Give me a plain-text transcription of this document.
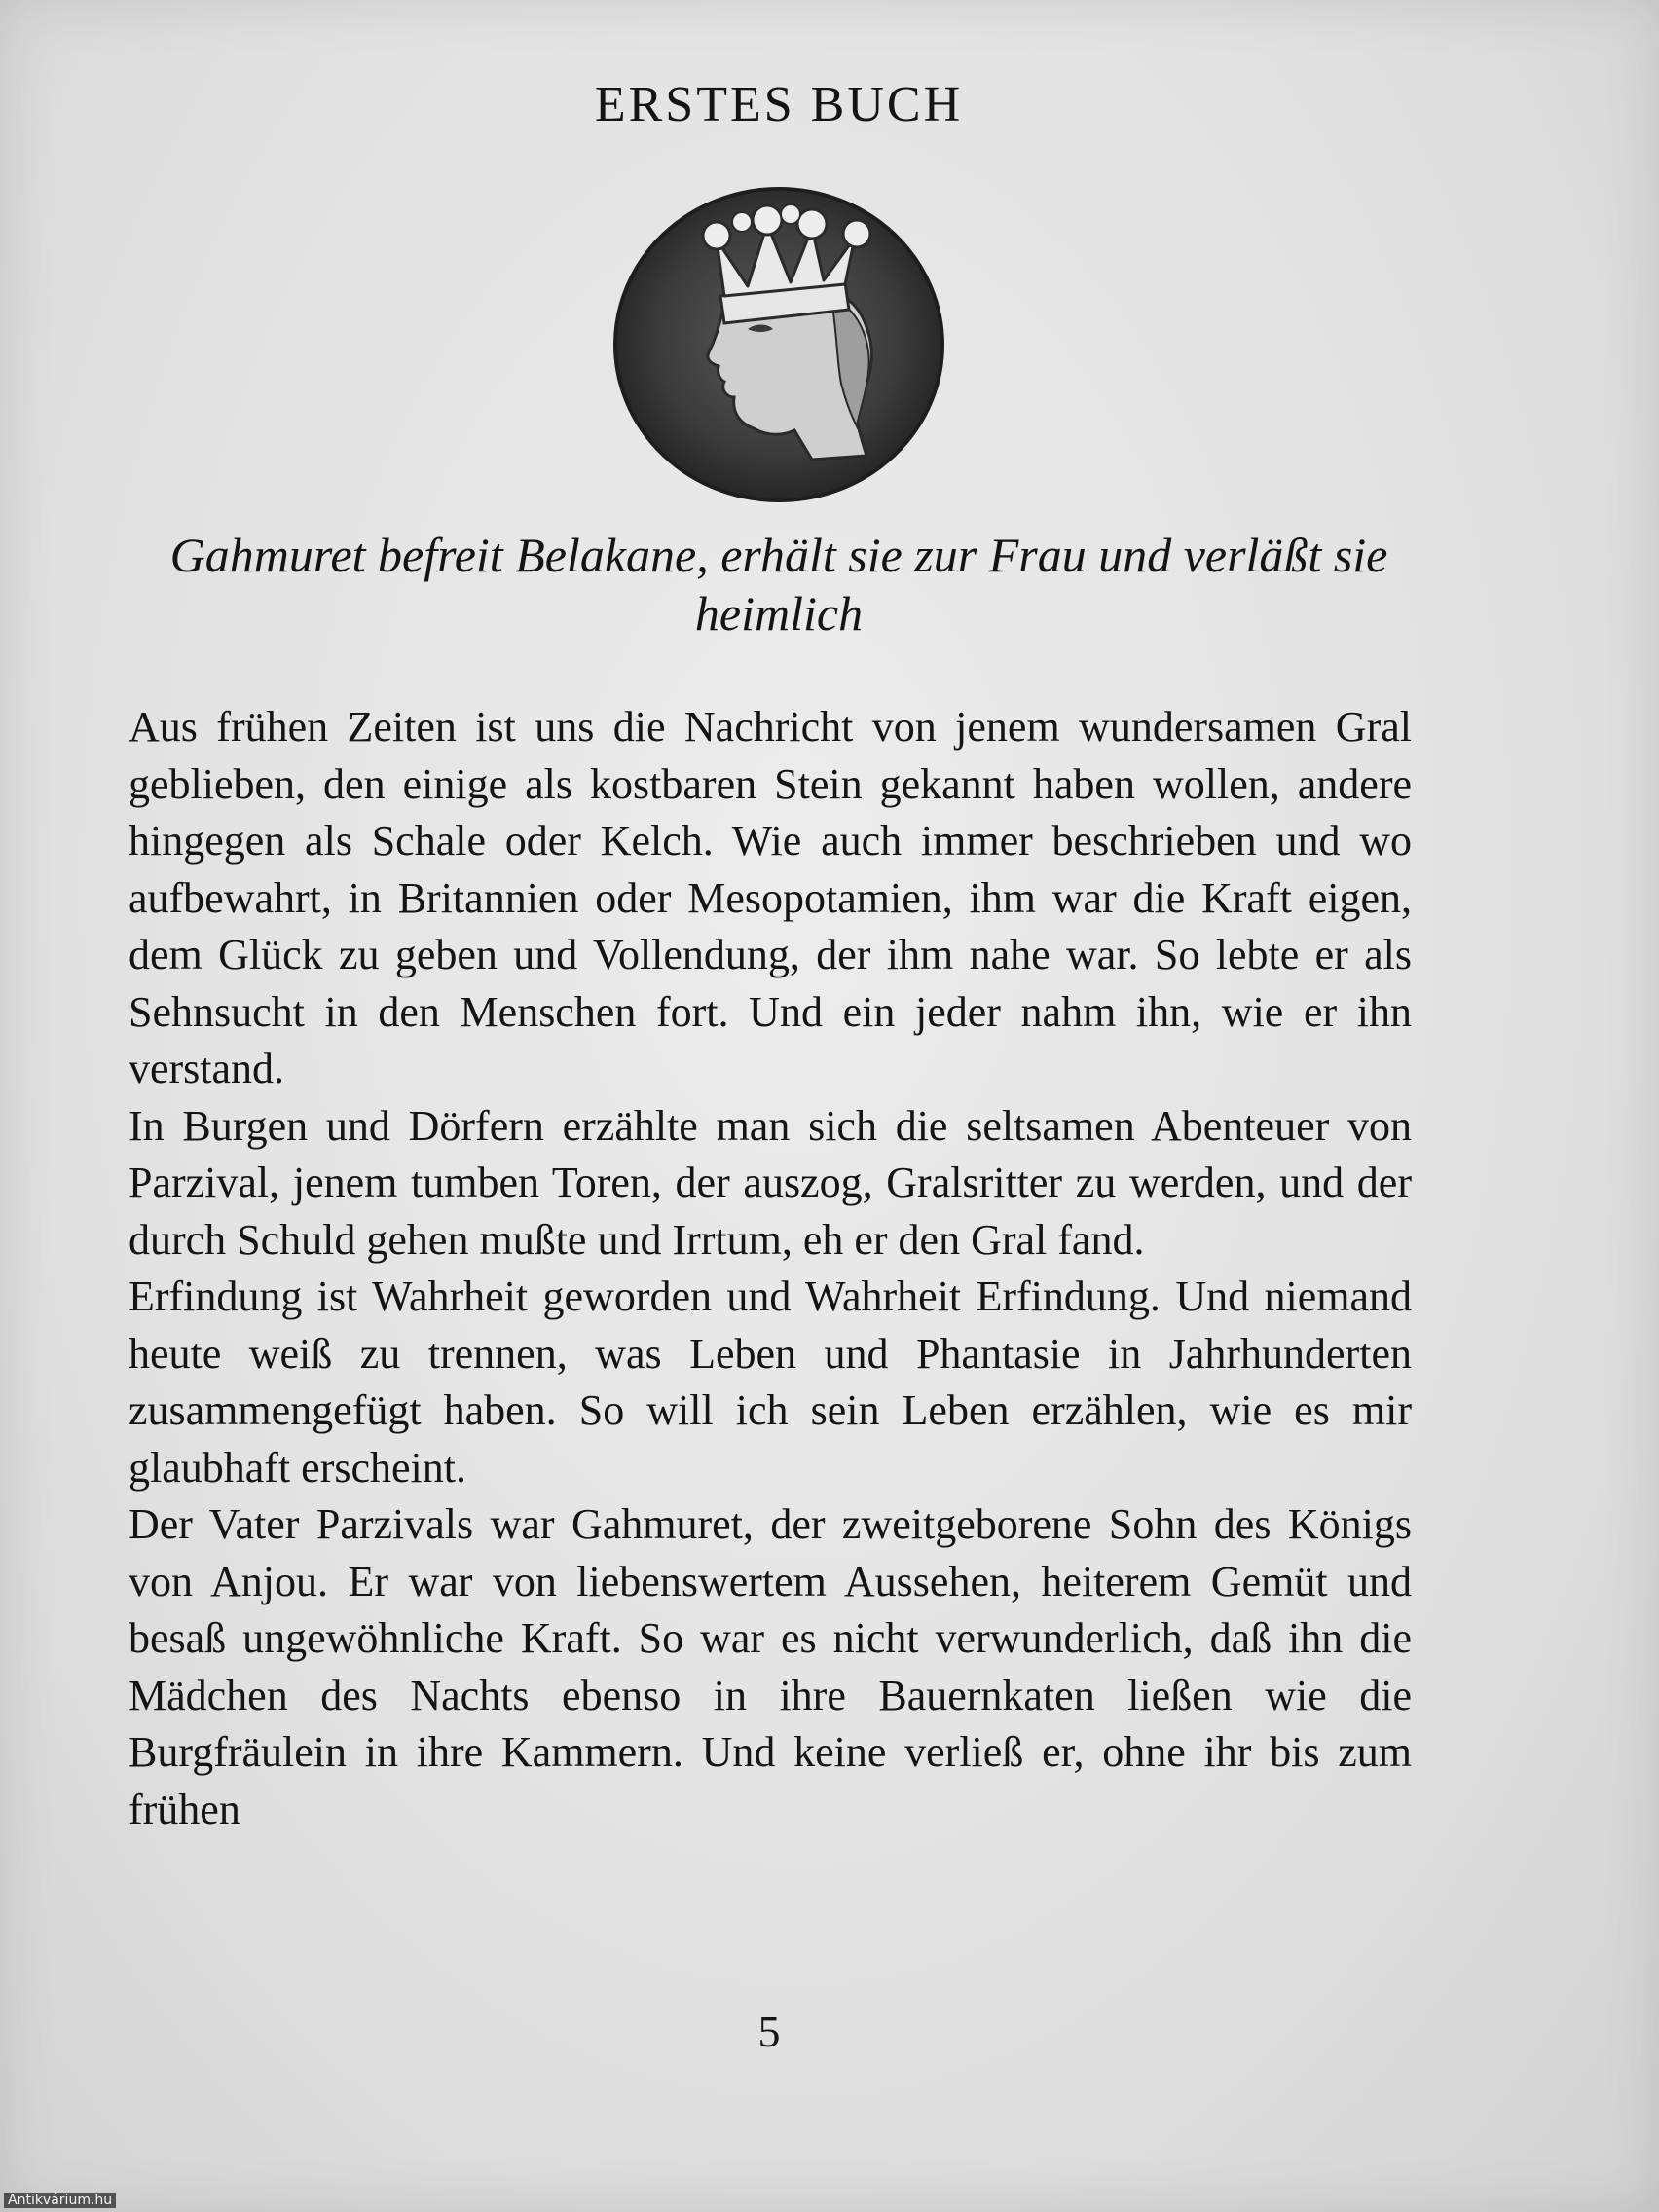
ERSTES BUCH

Gahmuret befreit Belakane, erhält sie zur Frau und verläßt sie heimlich

Aus frühen Zeiten ist uns die Nachricht von jenem wundersamen Gral geblieben, den einige als kostbaren Stein gekannt haben wollen, andere hingegen als Schale oder Kelch. Wie auch immer beschrieben und wo aufbewahrt, in Britannien oder Mesopotamien, ihm war die Kraft eigen, dem Glück zu geben und Vollendung, der ihm nahe war. So lebte er als Sehnsucht in den Menschen fort. Und ein jeder nahm ihn, wie er ihn verstand.

In Burgen und Dörfern erzählte man sich die seltsamen Abenteuer von Parzival, jenem tumben Toren, der auszog, Gralsritter zu werden, und der durch Schuld gehen mußte und Irrtum, eh er den Gral fand.

Erfindung ist Wahrheit geworden und Wahrheit Erfindung. Und niemand heute weiß zu trennen, was Leben und Phantasie in Jahrhunderten zusammengefügt haben. So will ich sein Leben erzählen, wie es mir glaubhaft erscheint.

Der Vater Parzivals war Gahmuret, der zweitgeborene Sohn des Königs von Anjou. Er war von liebenswertem Aussehen, heiterem Gemüt und besaß ungewöhnliche Kraft. So war es nicht verwunderlich, daß ihn die Mädchen des Nachts ebenso in ihre Bauernkaten ließen wie die Burgfräulein in ihre Kammern. Und keine verließ er, ohne ihr bis zum frühen

5

Antikvárium.hu
